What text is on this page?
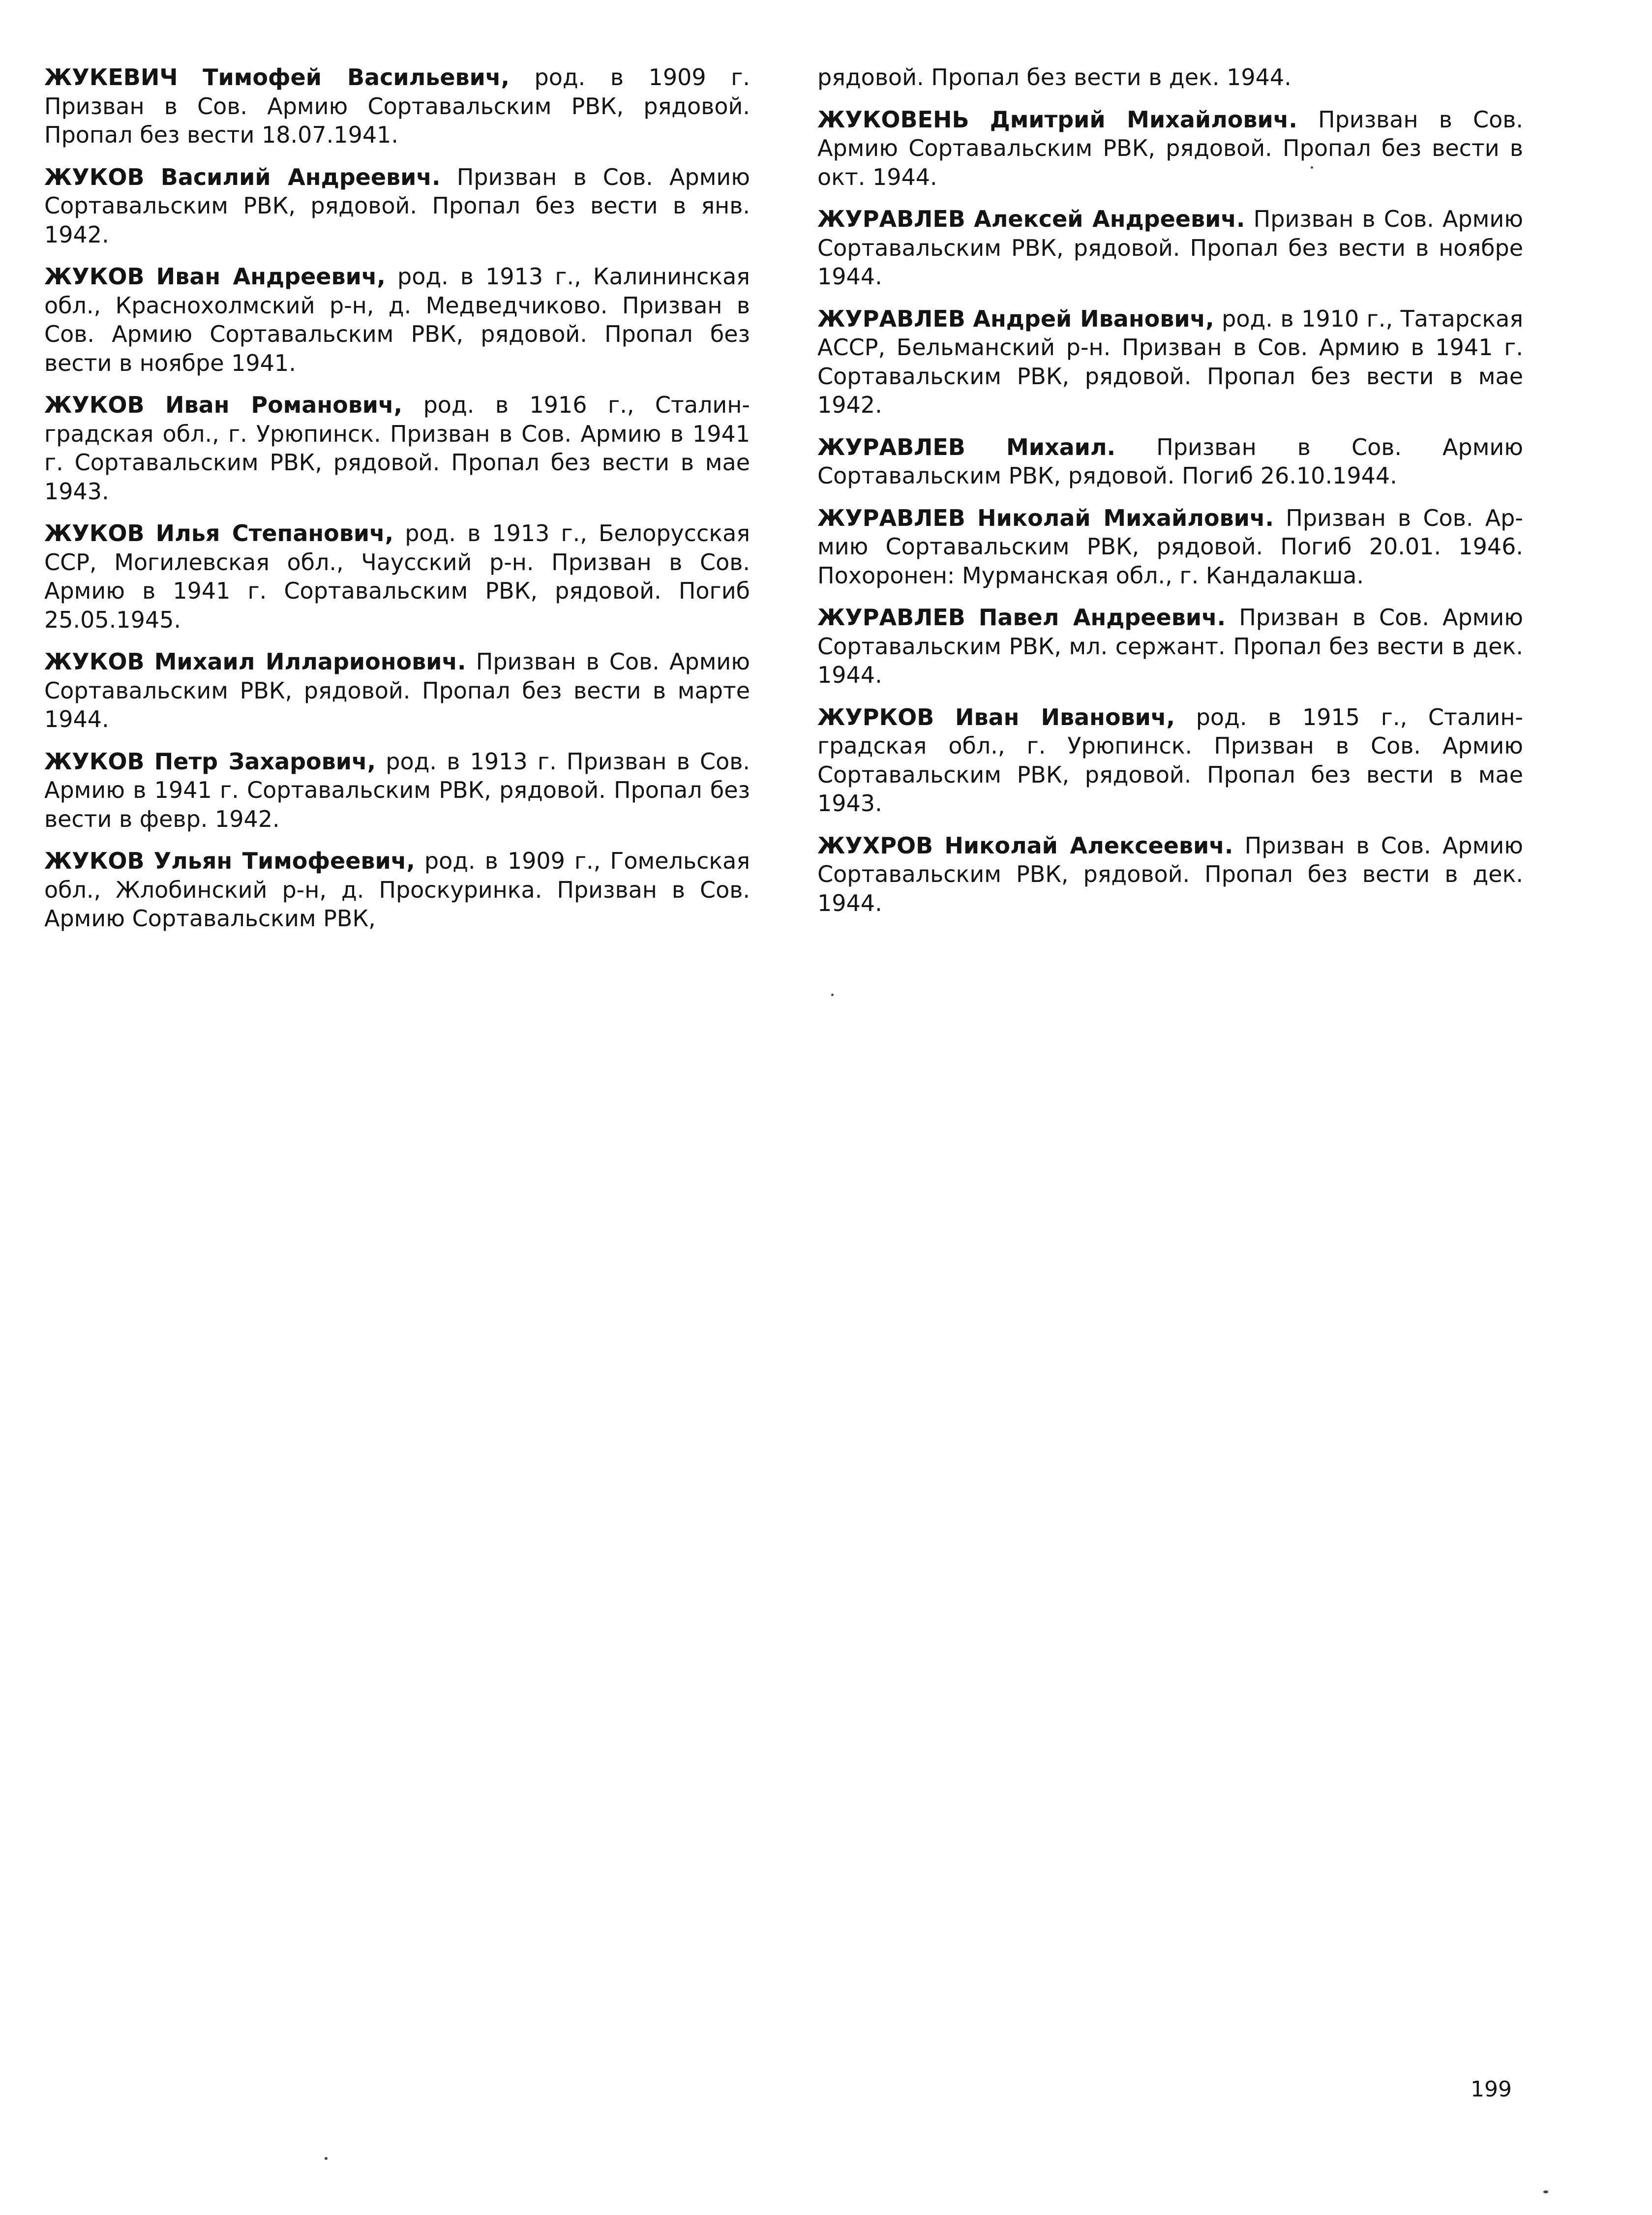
ЖУКЕВИЧ Тимофей Васильевич, род. в 1909 г. Призван в Сов. Армию Сортавальским РВК, рядовой. Пропал без вести 18.07.1941.

ЖУКОВ Василий Андреевич. Призван в Сов. Армию Сортавальским РВК, рядовой. Пропал без вести в янв. 1942.

ЖУКОВ Иван Андреевич, род. в 1913 г., Калининская обл., Краснохолмский р-н, д. Медведчиково. Призван в Сов. Армию Сортавальским РВК, рядовой. Пропал без вести в ноябре 1941.

ЖУКОВ Иван Романович, род. в 1916 г., Сталинградская обл., г. Урюпинск. Призван в Сов. Армию в 1941 г. Сортавальским РВК, рядовой. Пропал без вести в мае 1943.

ЖУКОВ Илья Степанович, род. в 1913 г., Белорусская ССР, Могилевская обл., Чаусский р-н. Призван в Сов. Армию в 1941 г. Сортавальским РВК, рядовой. Погиб 25.05.1945.

ЖУКОВ Михаил Илларионович. Призван в Сов. Армию Сортавальским РВК, рядовой. Пропал без вести в марте 1944.

ЖУКОВ Петр Захарович, род. в 1913 г. Призван в Сов. Армию в 1941 г. Сортавальским РВК, рядовой. Пропал без вести в февр. 1942.

ЖУКОВ Ульян Тимофеевич, род. в 1909 г., Гомельская обл., Жлобинский р-н, д. Проскуринка. Призван в Сов. Армию Сортавальским РВК,

рядовой. Пропал без вести в дек. 1944.

ЖУКОВЕНЬ Дмитрий Михайлович. Призван в Сов. Армию Сортавальским РВК, рядовой. Пропал без вести в окт. 1944.

ЖУРАВЛЕВ Алексей Андреевич. Призван в Сов. Армию Сортавальским РВК, рядовой. Пропал без вести в ноябре 1944.

ЖУРАВЛЕВ Андрей Иванович, род. в 1910 г., Татарская АССР, Бельманский р-н. Призван в Сов. Армию в 1941 г. Сортавальским РВК, рядовой. Пропал без вести в мае 1942.

ЖУРАВЛЕВ Михаил. Призван в Сов. Армию Сортавальским РВК, рядовой. Погиб 26.10.1944.

ЖУРАВЛЕВ Николай Михайлович. Призван в Сов. Армию Сортавальским РВК, рядовой. Погиб 20.01. 1946. Похоронен: Мурманская обл., г. Кандалакша.

ЖУРАВЛЕВ Павел Андреевич. Призван в Сов. Армию Сортавальским РВК, мл. сержант. Пропал без вести в дек. 1944.

ЖУРКОВ Иван Иванович, род. в 1915 г., Сталинградская обл., г. Урюпинск. Призван в Сов. Армию Сортавальским РВК, рядовой. Пропал без вести в мае 1943.

ЖУХРОВ Николай Алексеевич. Призван в Сов. Армию Сортавальским РВК, рядовой. Пропал без вести в дек. 1944.

199
